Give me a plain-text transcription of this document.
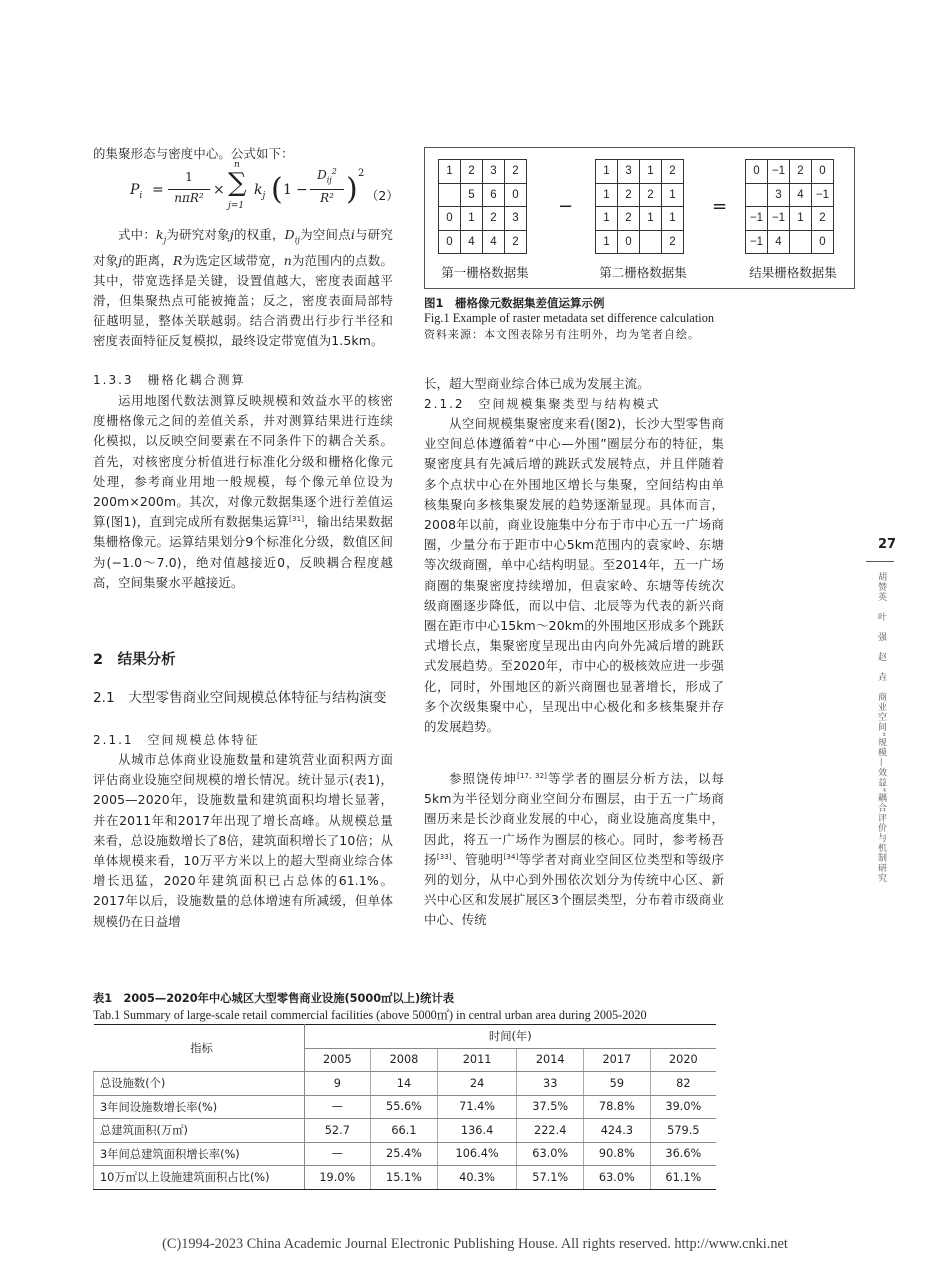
的集聚形态与密度中心。公式如下：

$P_i$ =
1
nπR² ×
n
∑
j=1
$k_j$ ( 1 −
$D_{ij}^2$
R² ) 2
（2）

式中：$k_j$为研究对象j的权重，$D_{ij}$为空间点i与研究对象j的距离，R为选定区域带宽，n为范围内的点数。其中，带宽选择是关键，设置值越大，密度表面越平滑，但集聚热点可能被掩盖；反之，密度表面局部特征越明显，整体关联越弱。结合消费出行步行半径和密度表面特征反复模拟，最终设定带宽值为1.5km。

1.3.3　栅格化耦合测算

运用地图代数法测算反映规模和效益水平的核密度栅格像元之间的差值关系，并对测算结果进行连续化模拟，以反映空间要素在不同条件下的耦合关系。首先，对核密度分析值进行标准化分级和栅格化像元处理，参考商业用地一般规模，每个像元单位设为200m×200m。其次，对像元数据集逐个进行差值运算(图1)，直到完成所有数据集运算[31]，输出结果数据集栅格像元。运算结果划分9个标准化分级，数值区间为(−1.0～7.0)，绝对值越接近0，反映耦合程度越高，空间集聚水平越接近。

2　结果分析

2.1　大型零售商业空间规模总体特征与结构演变

2.1.1　空间规模总体特征

从城市总体商业设施数量和建筑营业面积两方面评估商业设施空间规模的增长情况。统计显示(表1)，2005—2020年，设施数量和建筑面积均增长显著，并在2011年和2017年出现了增长高峰。从规模总量来看，总设施数增长了8倍，建筑面积增长了10倍；从单体规模来看，10万平方米以上的超大型商业综合体增长迅猛，2020年建筑面积已占总体的61.1%。2017年以后，设施数量的总体增速有所减缓，但单体规模仍在日益增

1	2	3	2
	5	6	0
0	1	2	3
0	4	4	2
−
1	3	1	2
1	2	2	1
1	2	1	1
1	0		2
=
0	−1	2	0
	3	4	−1
−1	−1	1	2
−1	4		0
第一栅格数据集	第二栅格数据集	结果栅格数据集

图1　栅格像元数据集差值运算示例

Fig.1 Example of raster metadata set difference calculation

资料来源：本文图表除另有注明外，均为笔者自绘。

长，超大型商业综合体已成为发展主流。

2.1.2　空间规模集聚类型与结构模式

从空间规模集聚密度来看(图2)，长沙大型零售商业空间总体遵循着“中心—外围”圈层分布的特征，集聚密度具有先减后增的跳跃式发展特点，并且伴随着多个点状中心在外围地区增长与集聚，空间结构由单核集聚向多核集聚发展的趋势逐渐显现。具体而言，2008年以前，商业设施集中分布于市中心五一广场商圈，少量分布于距市中心5km范围内的袁家岭、东塘等次级商圈，单中心结构明显。至2014年，五一广场商圈的集聚密度持续增加，但袁家岭、东塘等传统次级商圈逐步降低，而以中信、北辰等为代表的新兴商圈在距市中心15km～20km的外围地区形成多个跳跃式增长点，集聚密度呈现出由内向外先减后增的跳跃式发展趋势。至2020年，市中心的极核效应进一步强化，同时，外围地区的新兴商圈也显著增长，形成了多个次级集聚中心，呈现出中心极化和多核集聚并存的发展趋势。

参照饶传坤[17, 32]等学者的圈层分析方法，以每5km为半径划分商业空间分布圈层，由于五一广场商圈历来是长沙商业发展的中心，商业设施高度集中，因此，将五一广场作为圈层的核心。同时，参考杨吾扬[33]、管驰明[34]等学者对商业空间区位类型和等级序列的划分，从中心到外围依次划分为传统中心区、新兴中心区和发展扩展区3个圈层类型，分布着市级商业中心、传统

表1　2005—2020年中心城区大型零售商业设施(5000㎡以上)统计表

Tab.1 Summary of large-scale retail commercial facilities (above 5000㎡) in central urban area during 2005-2020

指标	时间(年)					
	2005	2008	2011	2014	2017	2020
总设施数(个)	9	14	24	33	59	82
3年间设施数增长率(%)	—	55.6%	71.4%	37.5%	78.8%	39.0%
总建筑面积(万㎡)	52.7	66.1	136.4	222.4	424.3	579.5
3年间总建筑面积增长率(%)	—	25.4%	106.4%	63.0%	90.8%	36.6%
10万㎡以上设施建筑面积占比(%)	19.0%	15.1%	40.3%	57.1%	63.0%	61.1%
27
胡赞英　叶　强　赵　垚　商业空间“规模—效益”耦合评价与机制研究
(C)1994-2023 China Academic Journal Electronic Publishing House. All rights reserved. http://www.cnki.net
